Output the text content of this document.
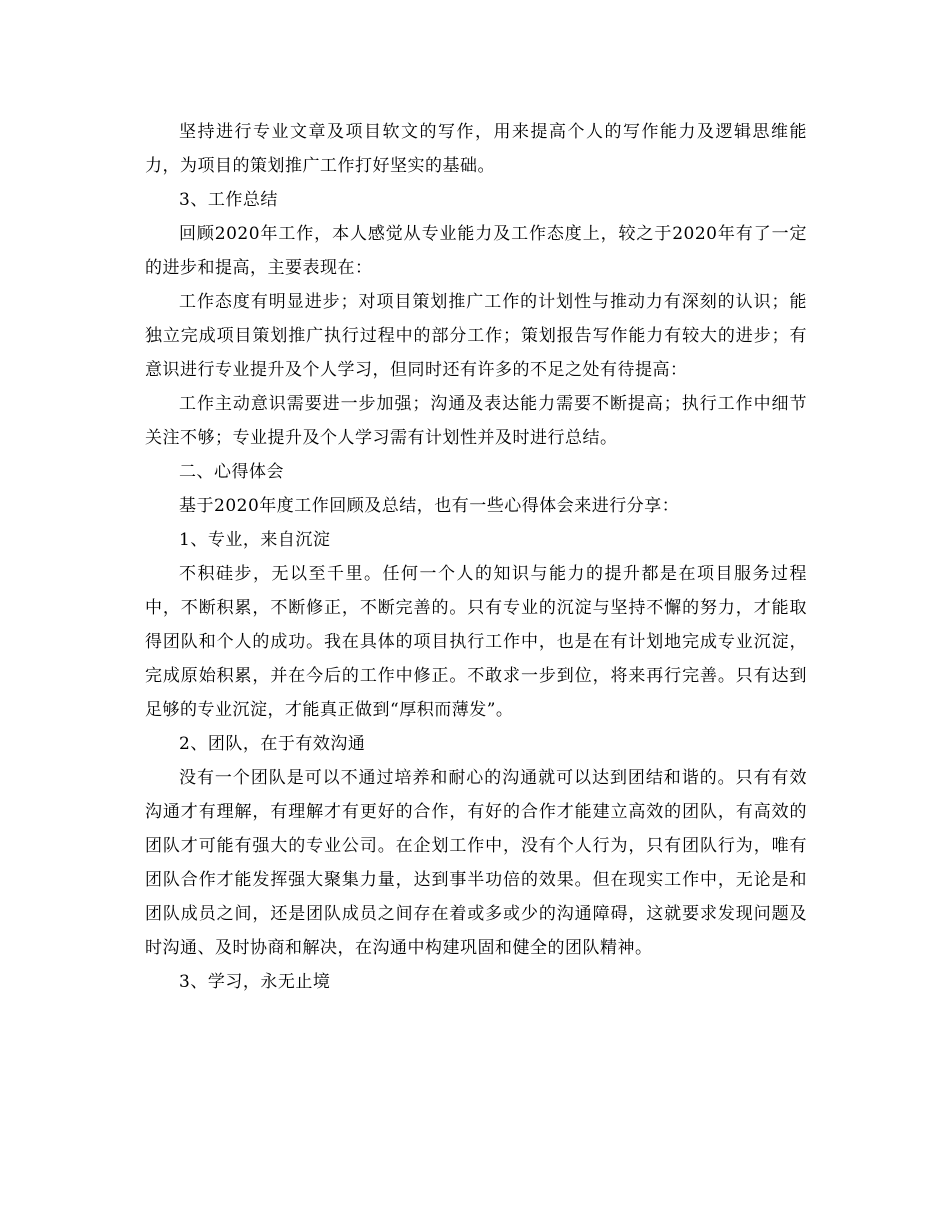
坚持进行专业文章及项目软文的写作，用来提高个人的写作能力及逻辑思维能力，为项目的策划推广工作打好坚实的基础。

3、工作总结

回顾2020年工作，本人感觉从专业能力及工作态度上，较之于2020年有了一定的进步和提高，主要表现在：

工作态度有明显进步；对项目策划推广工作的计划性与推动力有深刻的认识；能独立完成项目策划推广执行过程中的部分工作；策划报告写作能力有较大的进步；有意识进行专业提升及个人学习，但同时还有许多的不足之处有待提高：

工作主动意识需要进一步加强；沟通及表达能力需要不断提高；执行工作中细节关注不够；专业提升及个人学习需有计划性并及时进行总结。

二、心得体会

基于2020年度工作回顾及总结，也有一些心得体会来进行分享：

1、专业，来自沉淀

不积硅步，无以至千里。任何一个人的知识与能力的提升都是在项目服务过程中，不断积累，不断修正，不断完善的。只有专业的沉淀与坚持不懈的努力，才能取得团队和个人的成功。我在具体的项目执行工作中，也是在有计划地完成专业沉淀，完成原始积累，并在今后的工作中修正。不敢求一步到位，将来再行完善。只有达到足够的专业沉淀，才能真正做到“厚积而薄发”。

2、团队，在于有效沟通

没有一个团队是可以不通过培养和耐心的沟通就可以达到团结和谐的。只有有效沟通才有理解，有理解才有更好的合作，有好的合作才能建立高效的团队，有高效的团队才可能有强大的专业公司。在企划工作中，没有个人行为，只有团队行为，唯有团队合作才能发挥强大聚集力量，达到事半功倍的效果。但在现实工作中，无论是和团队成员之间，还是团队成员之间存在着或多或少的沟通障碍，这就要求发现问题及时沟通、及时协商和解决，在沟通中构建巩固和健全的团队精神。

3、学习，永无止境
